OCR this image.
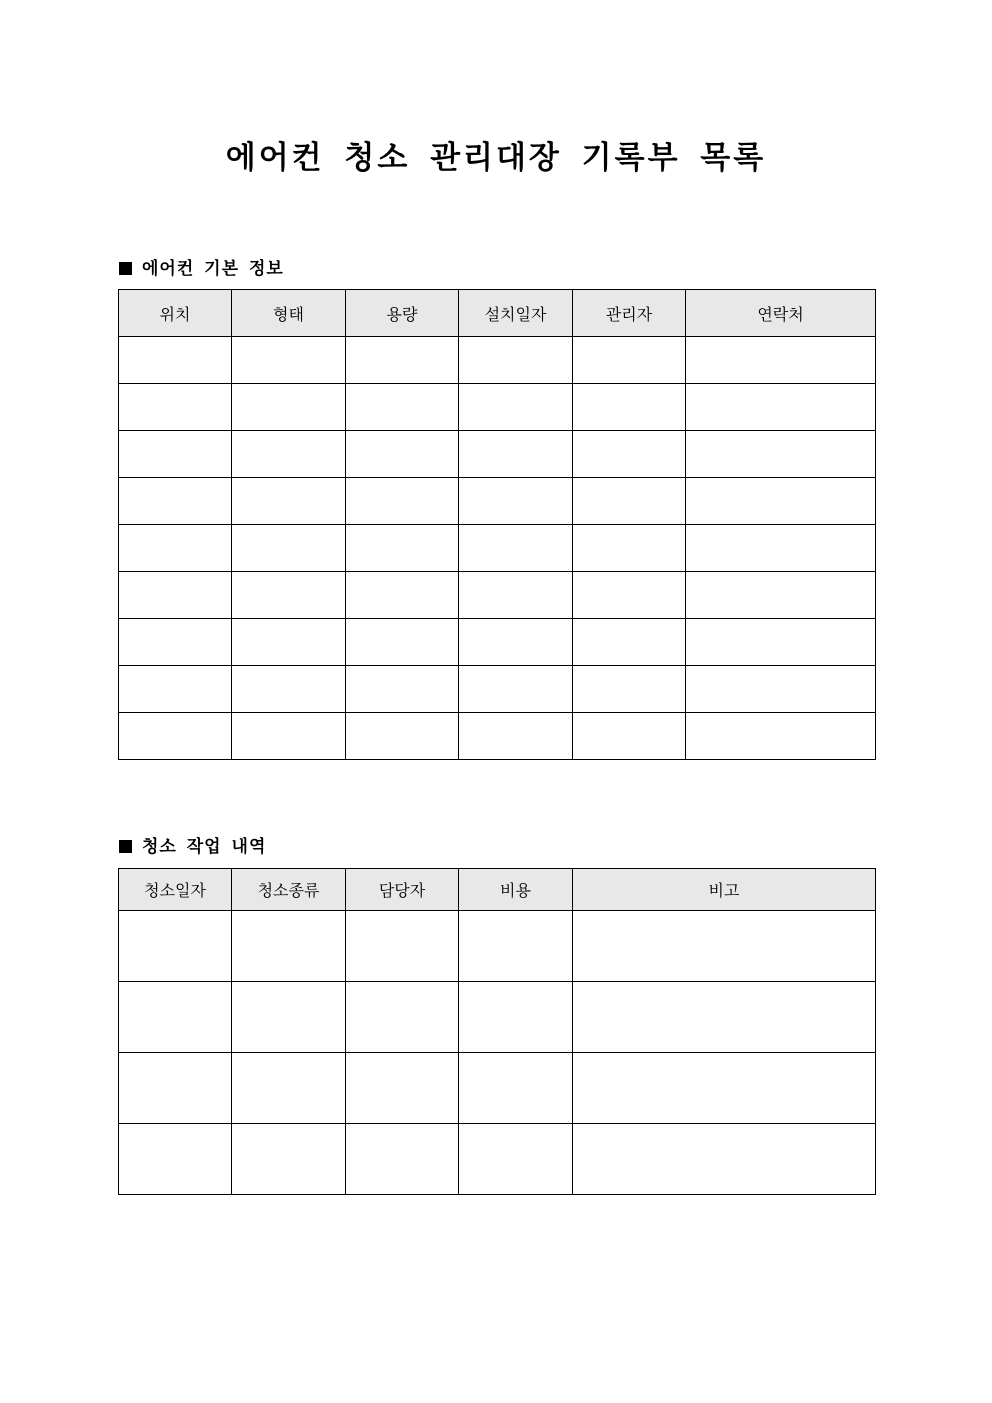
에어컨 청소 관리대장 기록부 목록
에어컨 기본 정보
위치	형태	용량	설치일자	관리자	연락처

청소 작업 내역
청소일자	청소종류	담당자	비용	비고
